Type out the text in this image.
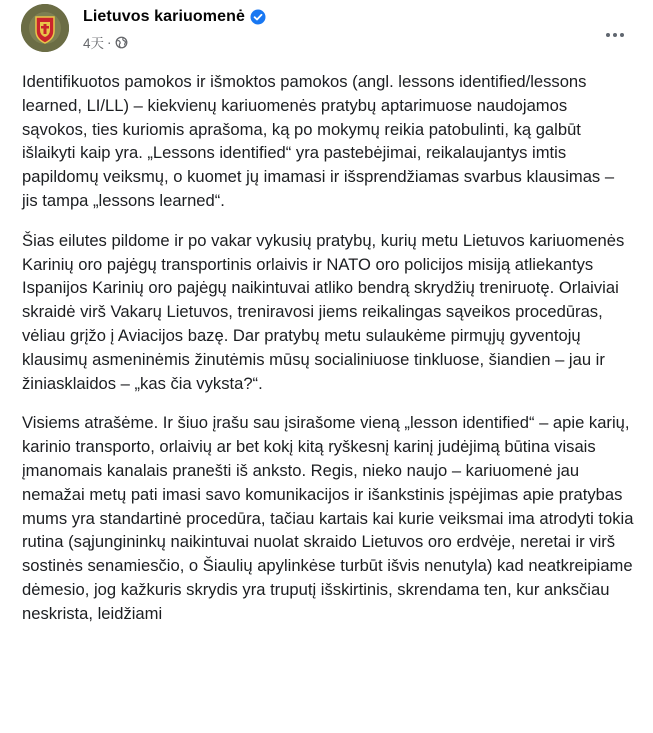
Lietuvos kariuomenė
4天 ·

Identifikuotos pamokos ir išmoktos pamokos (angl. lessons identified/lessons learned, LI/LL) – kiekvienų kariuomenės pratybų aptarimuose naudojamos sąvokos, ties kuriomis aprašoma, ką po mokymų reikia patobulinti, ką galbūt išlaikyti kaip yra. „Lessons identified“ yra pastebėjimai, reikalaujantys imtis papildomų veiksmų, o kuomet jų imamasi ir išsprendžiamas svarbus klausimas – jis tampa „lessons learned“.

Šias eilutes pildome ir po vakar vykusių pratybų, kurių metu Lietuvos kariuomenės Karinių oro pajėgų transportinis orlaivis ir NATO oro policijos misiją atliekantys Ispanijos Karinių oro pajėgų naikintuvai atliko bendrą skrydžių treniruotę. Orlaiviai skraidė virš Vakarų Lietuvos, treniravosi jiems reikalingas sąveikos procedūras, vėliau grįžo į Aviacijos bazę. Dar pratybų metu sulaukėme pirmųjų gyventojų klausimų asmeninėmis žinutėmis mūsų socialiniuose tinkluose, šiandien – jau ir žiniasklaidos – „kas čia vyksta?“.

Visiems atrašėme. Ir šiuo įrašu sau įsirašome vieną „lesson identified“ – apie karių, karinio transporto, orlaivių ar bet kokį kitą ryškesnį karinį judėjimą būtina visais įmanomais kanalais pranešti iš anksto. Regis, nieko naujo – kariuomenė jau nemažai metų pati imasi savo komunikacijos ir išankstinis įspėjimas apie pratybas mums yra standartinė procedūra, tačiau kartais kai kurie veiksmai ima atrodyti tokia rutina (sąjungininkų naikintuvai nuolat skraido Lietuvos oro erdvėje, neretai ir virš sostinės senamiesčio, o Šiaulių apylinkėse turbūt išvis nenutyla) kad neatkreipiame dėmesio, jog kažkuris skrydis yra truputį išskirtinis, skrendama ten, kur anksčiau neskrista, leidžiami
